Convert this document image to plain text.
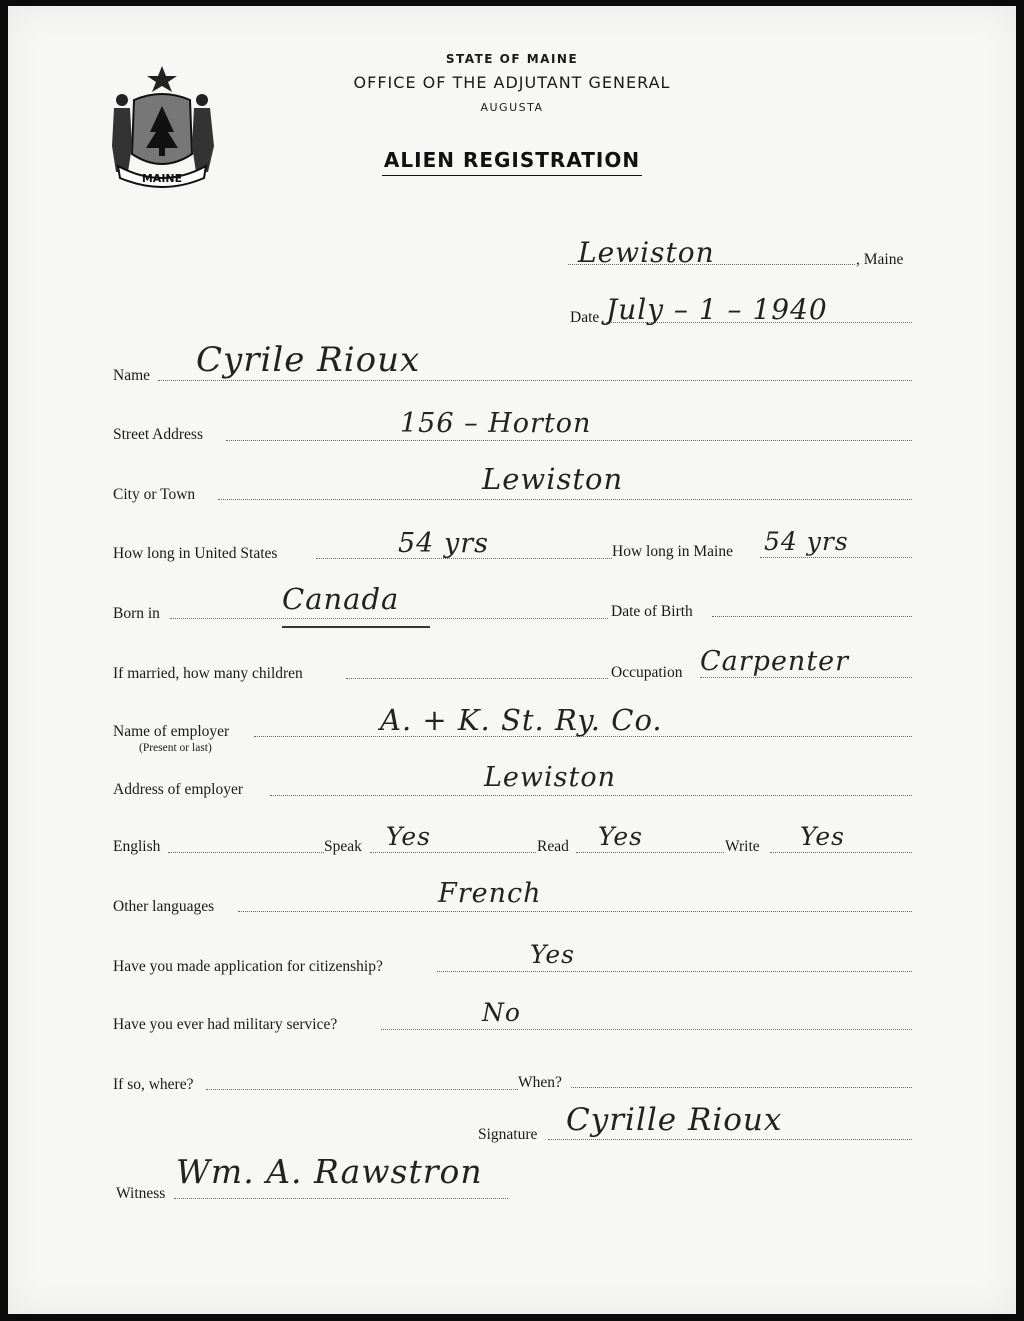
MAINE
STATE OF MAINE
OFFICE OF THE ADJUTANT GENERAL
AUGUSTA
ALIEN REGISTRATION
Lewiston	, Maine
Date July – 1 – 1940
Name Cyrile Rioux
Street Address	156 – Horton
City or Town	Lewiston
How long in United States	54 yrs	How long in Maine 54 yrs
Born in	Canada	Date of Birth
If married, how many children	Occupation Carpenter
Name of employer
(Present or last)
A. + K. St. Ry. Co.
Address of employer	Lewiston
English	Speak Yes	Read Yes	Write Yes
Other languages	French
Have you made application for citizenship?	Yes
Have you ever had military service?	No
If so, where?	When?
Signature Cyrille Rioux
Witness
Wm. A. Rawstron
